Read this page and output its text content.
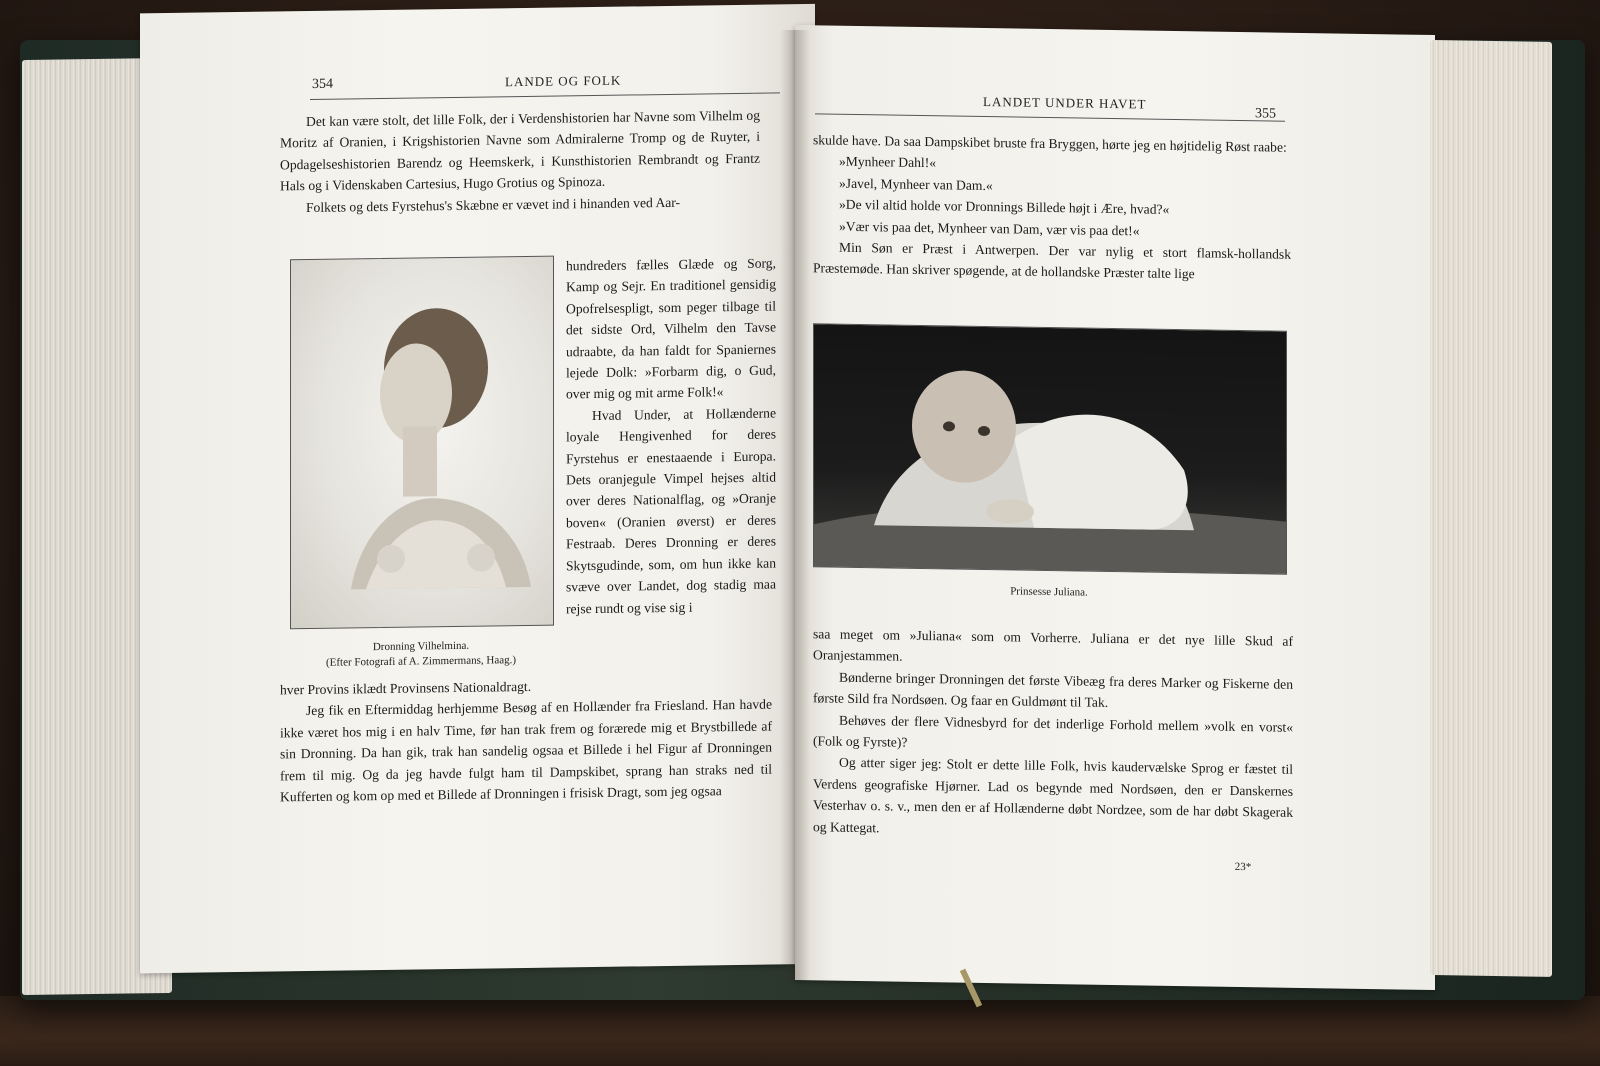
354	LANDE OG FOLK

Det kan være stolt, det lille Folk, der i Verdenshistorien har Navne som Vilhelm og Moritz af Oranien, i Krigshistorien Navne som Admiralerne Tromp og de Ruyter, i Opdagelseshistorien Barendz og Heemskerk, i Kunsthistorien Rembrandt og Frantz Hals og i Videnskaben Cartesius, Hugo Grotius og Spinoza.

Folkets og dets Fyrstehus's Skæbne er vævet ind i hinanden ved Aar-

hundreders fælles Glæde og Sorg, Kamp og Sejr. En traditionel gensidig Opofrelsespligt, som peger tilbage til det sidste Ord, Vilhelm den Tavse udraabte, da han faldt for Spaniernes lejede Dolk: »Forbarm dig, o Gud, over mig og mit arme Folk!«

Hvad Under, at Hollænderne loyale Hengivenhed for deres Fyrstehus er enestaaende i Europa. Dets oranjegule Vimpel hejses altid over deres Nationalflag, og »Oranje boven« (Oranien øverst) er deres Festraab. Deres Dronning er deres Skytsgudinde, som, om hun ikke kan svæve over Landet, dog stadig maa rejse rundt og vise sig i

Dronning Vilhelmina.
(Efter Fotografi af A. Zimmermans, Haag.)

hver Provins iklædt Provinsens Nationaldragt.

Jeg fik en Eftermiddag herhjemme Besøg af en Hollænder fra Friesland. Han havde ikke været hos mig i en halv Time, før han trak frem og forærede mig et Brystbillede af sin Dronning. Da han gik, trak han sandelig ogsaa et Billede i hel Figur af Dronningen frem til mig. Og da jeg havde fulgt ham til Dampskibet, sprang han straks ned til Kufferten og kom op med et Billede af Dronningen i frisisk Dragt, som jeg ogsaa

LANDET UNDER HAVET
355

skulde have. Da saa Dampskibet bruste fra Bryggen, hørte jeg en højtidelig Røst raabe:

»Mynheer Dahl!«

»Javel, Mynheer van Dam.«

»De vil altid holde vor Dronnings Billede højt i Ære, hvad?«

»Vær vis paa det, Mynheer van Dam, vær vis paa det!«

Min Søn er Præst i Antwerpen. Der var nylig et stort flamsk-hollandsk Præstemøde. Han skriver spøgende, at de hollandske Præster talte lige

Prinsesse Juliana.

saa meget om »Juliana« som om Vorherre. Juliana er det nye lille Skud af Oranjestammen.

Bønderne bringer Dronningen det første Vibeæg fra deres Marker og Fiskerne den første Sild fra Nordsøen. Og faar en Guldmønt til Tak.

Behøves der flere Vidnesbyrd for det inderlige Forhold mellem »volk en vorst« (Folk og Fyrste)?

Og atter siger jeg: Stolt er dette lille Folk, hvis kaudervælske Sprog er fæstet til Verdens geografiske Hjørner. Lad os begynde med Nordsøen, den er Danskernes Vesterhav o. s. v., men den er af Hollænderne døbt Nordzee, som de har døbt Skagerak og Kattegat.

23*
